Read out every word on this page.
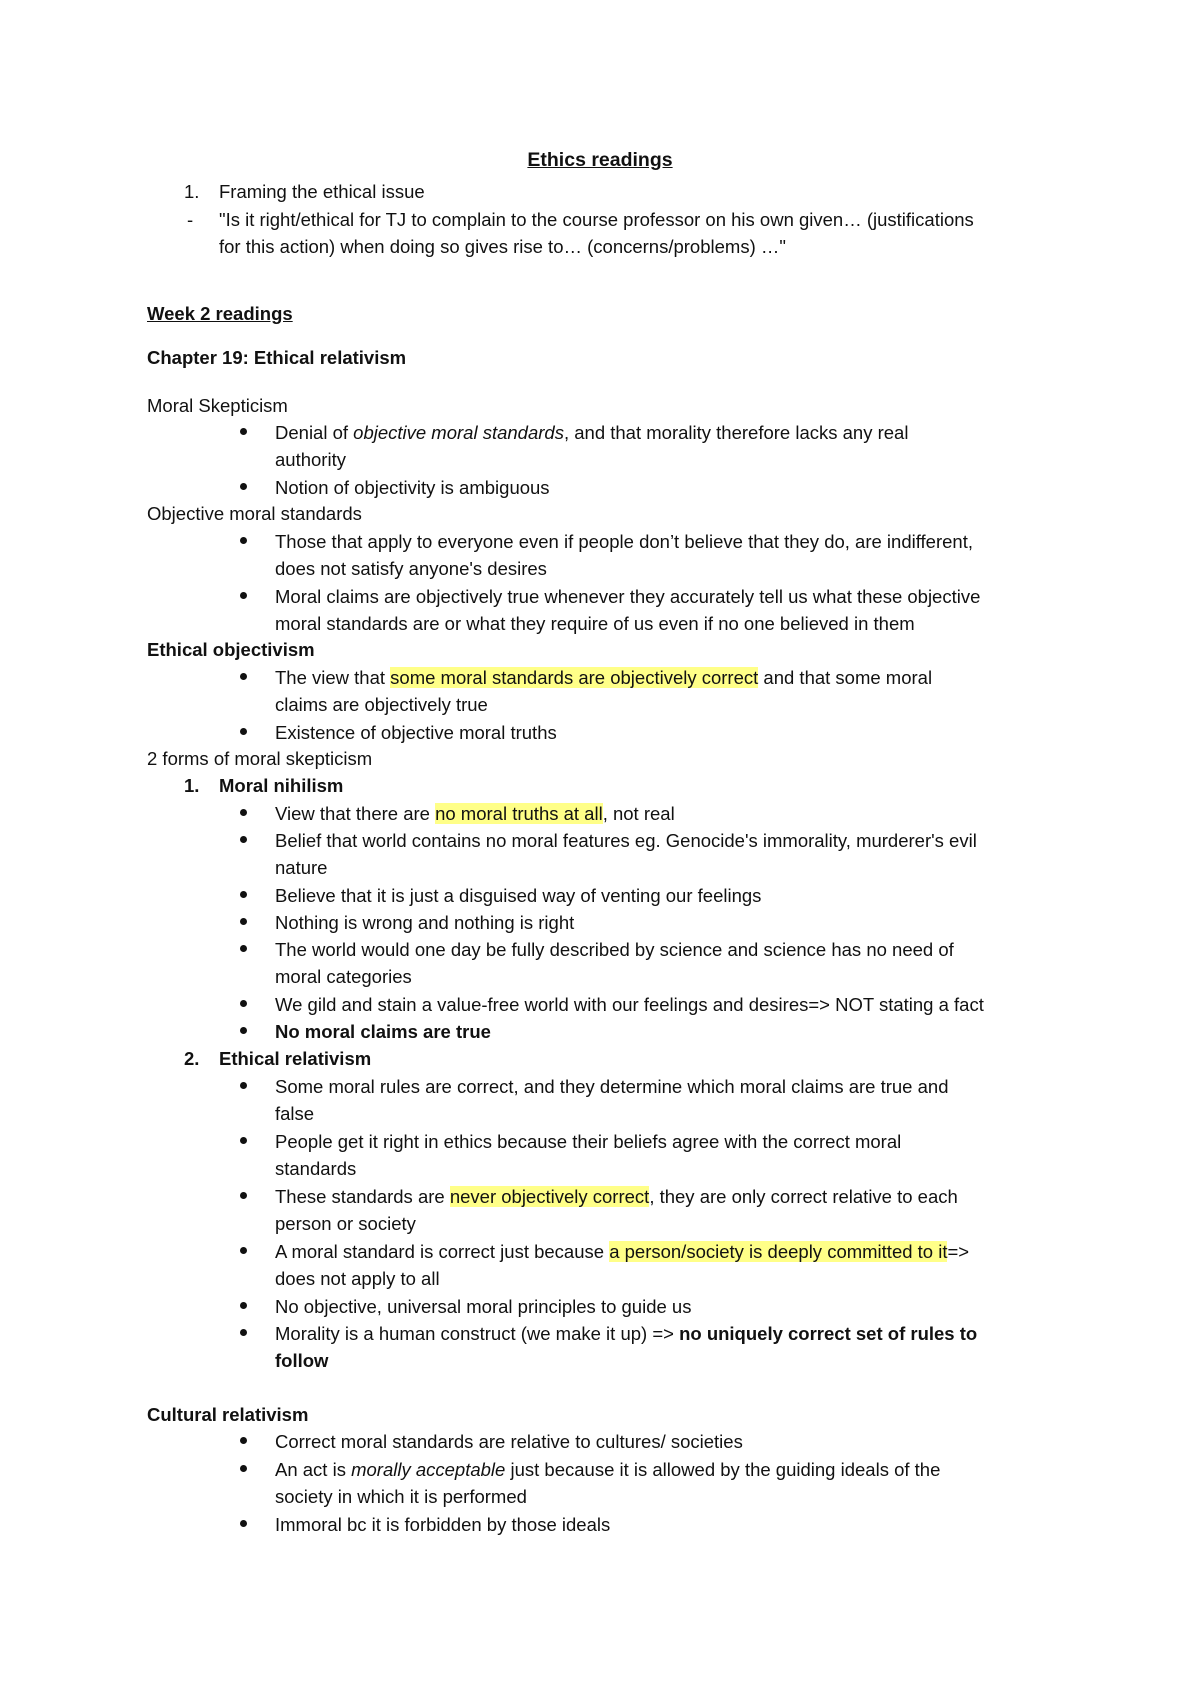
Ethics readings
1. Framing the ethical issue
- "Is it right/ethical for TJ to complain to the course professor on his own given… (justifications
for this action) when doing so gives rise to… (concerns/problems) …"
Week 2 readings
Chapter 19: Ethical relativism
Moral Skepticism
Denial of objective moral standards, and that morality therefore lacks any real
authority
Notion of objectivity is ambiguous
Objective moral standards
Those that apply to everyone even if people don’t believe that they do, are indifferent,
does not satisfy anyone's desires
Moral claims are objectively true whenever they accurately tell us what these objective
moral standards are or what they require of us even if no one believed in them
Ethical objectivism
The view that some moral standards are objectively correct and that some moral
claims are objectively true
Existence of objective moral truths
2 forms of moral skepticism
1. Moral nihilism
View that there are no moral truths at all, not real
Belief that world contains no moral features eg. Genocide's immorality, murderer's evil
nature
Believe that it is just a disguised way of venting our feelings
Nothing is wrong and nothing is right
The world would one day be fully described by science and science has no need of
moral categories
We gild and stain a value-free world with our feelings and desires=> NOT stating a fact
No moral claims are true
2. Ethical relativism
Some moral rules are correct, and they determine which moral claims are true and
false
People get it right in ethics because their beliefs agree with the correct moral
standards
These standards are never objectively correct, they are only correct relative to each
person or society
A moral standard is correct just because a person/society is deeply committed to it=>
does not apply to all
No objective, universal moral principles to guide us
Morality is a human construct (we make it up) => no uniquely correct set of rules to
follow
Cultural relativism
Correct moral standards are relative to cultures/ societies
An act is morally acceptable just because it is allowed by the guiding ideals of the
society in which it is performed
Immoral bc it is forbidden by those ideals
